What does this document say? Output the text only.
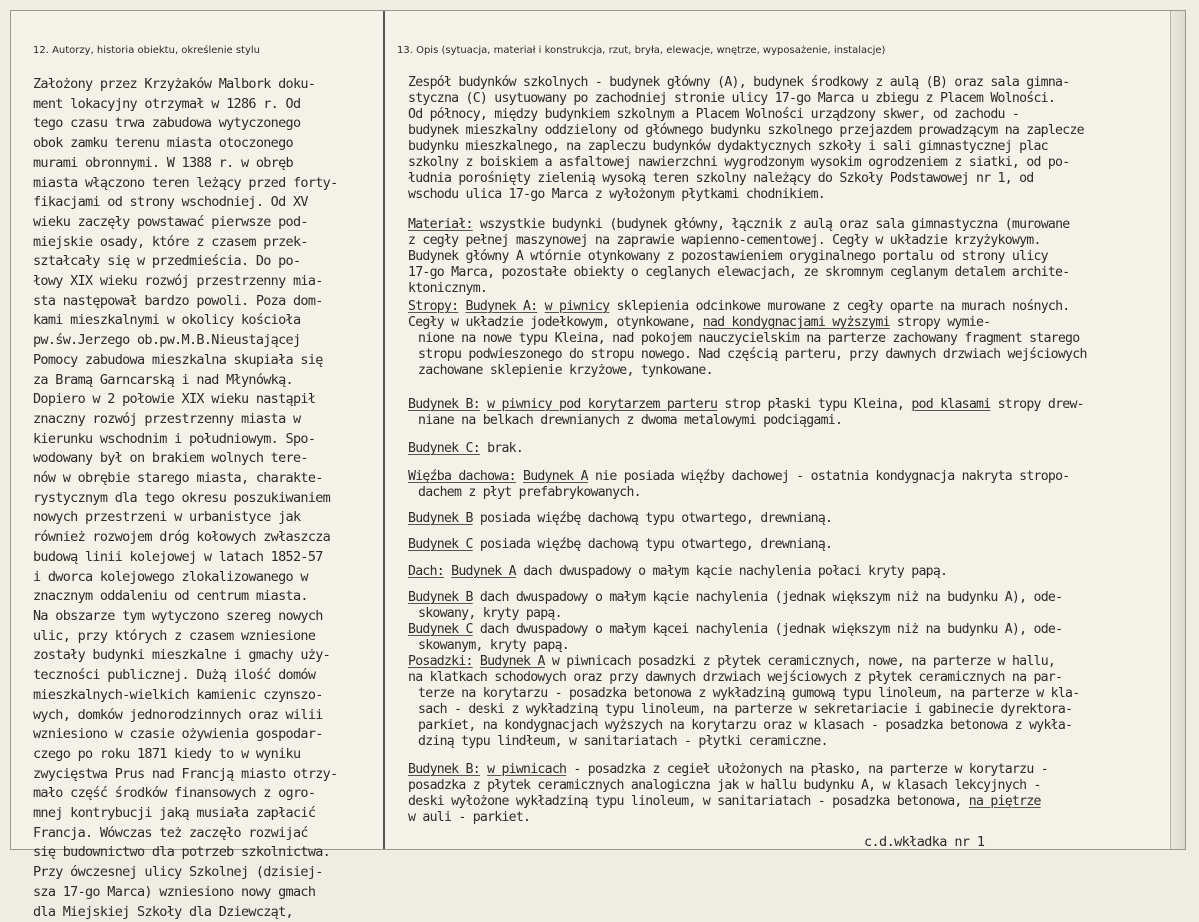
12. Autorzy, historia obiektu, określenie stylu	13. Opis (sytuacja, materiał i konstrukcja, rzut, bryła, elewacje, wnętrze, wyposażenie, instalacje)
Założony przez Krzyżaków Malbork doku-
ment lokacyjny otrzymał w 1286 r. Od
tego czasu trwa zabudowa wytyczonego
obok zamku terenu miasta otoczonego
murami obronnymi. W 1388 r. w obręb
miasta włączono teren leżący przed forty-
fikacjami od strony wschodniej. Od XV
wieku zaczęły powstawać pierwsze pod-
miejskie osady, które z czasem przek-
ształcały się w przedmieścia. Do po-
łowy XIX wieku rozwój przestrzenny mia-
sta następował bardzo powoli. Poza dom-
kami mieszkalnymi w okolicy kościoła
pw.św.Jerzego ob.pw.M.B.Nieustającej
Pomocy zabudowa mieszkalna skupiała się
za Bramą Garncarską i nad Młynówką.
Dopiero w 2 połowie XIX wieku nastąpił
znaczny rozwój przestrzenny miasta w
kierunku wschodnim i południowym. Spo-
wodowany był on brakiem wolnych tere-
nów w obrębie starego miasta, charakte-
rystycznym dla tego okresu poszukiwaniem
nowych przestrzeni w urbanistyce jak
również rozwojem dróg kołowych zwłaszcza
budową linii kolejowej w latach 1852-57
i dworca kolejowego zlokalizowanego w
znacznym oddaleniu od centrum miasta.
Na obszarze tym wytyczono szereg nowych
ulic, przy których z czasem wzniesione
zostały budynki mieszkalne i gmachy uży-
teczności publicznej. Dużą ilość domów
mieszkalnych-wielkich kamienic czynszo-
wych, domków jednorodzinnych oraz wilii
wzniesiono w czasie ożywienia gospodar-
czego po roku 1871 kiedy to w wyniku
zwycięstwa Prus nad Francją miasto otrzy-
mało część środków finansowych z ogro-
mnej kontrybucji jaką musiała zapłacić
Francja. Wówczas też zaczęło rozwijać
się budownictwo dla potrzeb szkolnictwa.
Przy ówczesnej ulicy Szkolnej (dzisiej-
sza 17-go Marca) wzniesiono nowy gmach
dla Miejskiej Szkoły dla Dziewcząt,
Zespół budynków szkolnych - budynek główny (A), budynek środkowy z aulą (B) oraz sala gimna-
styczna (C) usytuowany po zachodniej stronie ulicy 17-go Marca u zbiegu z Placem Wolności.
Od północy, między budynkiem szkolnym a Placem Wolności urządzony skwer, od zachodu -
budynek mieszkalny oddzielony od głównego budynku szkolnego przejazdem prowadzącym na zaplecze
budynku mieszkalnego, na zapleczu budynków dydaktycznych szkoły i sali gimnastycznej plac
szkolny z boiskiem a asfaltowej nawierzchni wygrodzonym wysokim ogrodzeniem z siatki, od po-
łudnia porośnięty zielenią wysoką teren szkolny należący do Szkoły Podstawowej nr 1, od
wschodu ulica 17-go Marca z wyłożonym płytkami chodnikiem.
Materiał: wszystkie budynki (budynek główny, łącznik z aulą oraz sala gimnastyczna (murowane
z cegły pełnej maszynowej na zaprawie wapienno-cementowej. Cegły w układzie krzyżykowym.
Budynek główny A wtórnie otynkowany z pozostawieniem oryginalnego portalu od strony ulicy
17-go Marca, pozostałe obiekty o ceglanych elewacjach, ze skromnym ceglanym detalem archite-
ktonicznym.
Stropy: Budynek A: w piwnicy sklepienia odcinkowe murowane z cegły oparte na murach nośnych.
Cegły w układzie jodełkowym, otynkowane, nad kondygnacjami wyższymi stropy wymie-
nione na nowe typu Kleina, nad pokojem nauczycielskim na parterze zachowany fragment starego
stropu podwieszonego do stropu nowego. Nad częścią parteru, przy dawnych drzwiach wejściowych
zachowane sklepienie krzyżowe, tynkowane.
Budynek B: w piwnicy pod korytarzem parteru strop płaski typu Kleina, pod klasami stropy drew-
niane na belkach drewnianych z dwoma metalowymi podciągami.
Budynek C: brak.
Więźba dachowa: Budynek A nie posiada więźby dachowej - ostatnia kondygnacja nakryta stropo-
dachem z płyt prefabrykowanych.
Budynek B posiada więźbę dachową typu otwartego, drewnianą.
Budynek C posiada więźbę dachową typu otwartego, drewnianą.
Dach: Budynek A dach dwuspadowy o małym kącie nachylenia połaci kryty papą.
Budynek B dach dwuspadowy o małym kącie nachylenia (jednak większym niż na budynku A), ode-
skowany, kryty papą.
Budynek C dach dwuspadowy o małym kącei nachylenia (jednak większym niż na budynku A), ode-
skowanym, kryty papą.
Posadzki: Budynek A w piwnicach posadzki z płytek ceramicznych, nowe, na parterze w hallu,
na klatkach schodowych oraz przy dawnych drzwiach wejściowych z płytek ceramicznych na par-
terze na korytarzu - posadzka betonowa z wykładziną gumową typu linoleum, na parterze w kla-
sach - deski z wykładziną typu linoleum, na parterze w sekretariacie i gabinecie dyrektora-
parkiet, na kondygnacjach wyższych na korytarzu oraz w klasach - posadzka betonowa z wykła-
dziną typu lindłeum, w sanitariatach - płytki ceramiczne.
Budynek B: w piwnicach - posadzka z cegieł ułożonych na płasko, na parterze w korytarzu -
posadzka z płytek ceramicznych analogiczna jak w hallu budynku A, w klasach lekcyjnych -
deski wyłożone wykładziną typu linoleum, w sanitariatach - posadzka betonowa, na piętrze
w auli - parkiet.
c.d.wkładka nr 1
